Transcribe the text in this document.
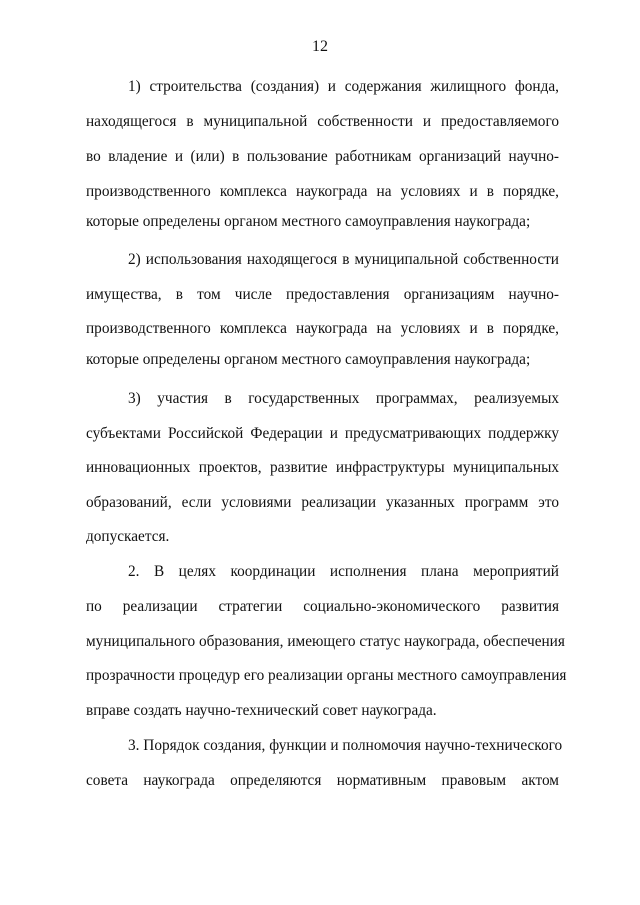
12
1) строительства (создания) и содержания жилищного фонда,
находящегося в муниципальной собственности и предоставляемого
во владение и (или) в пользование работникам организаций научно-
производственного комплекса наукограда на условиях и в порядке,
которые определены органом местного самоуправления наукограда;
2) использования находящегося в муниципальной собственности
имущества, в том числе предоставления организациям научно-
производственного комплекса наукограда на условиях и в порядке,
которые определены органом местного самоуправления наукограда;
3) участия в государственных программах, реализуемых
субъектами Российской Федерации и предусматривающих поддержку
инновационных проектов, развитие инфраструктуры муниципальных
образований, если условиями реализации указанных программ это
допускается.
2. В целях координации исполнения плана мероприятий
по реализации стратегии социально-экономического развития
муниципального образования, имеющего статус наукограда, обеспечения
прозрачности процедур его реализации органы местного самоуправления
вправе создать научно-технический совет наукограда.
3. Порядок создания, функции и полномочия научно-технического
совета наукограда определяются нормативным правовым актом
